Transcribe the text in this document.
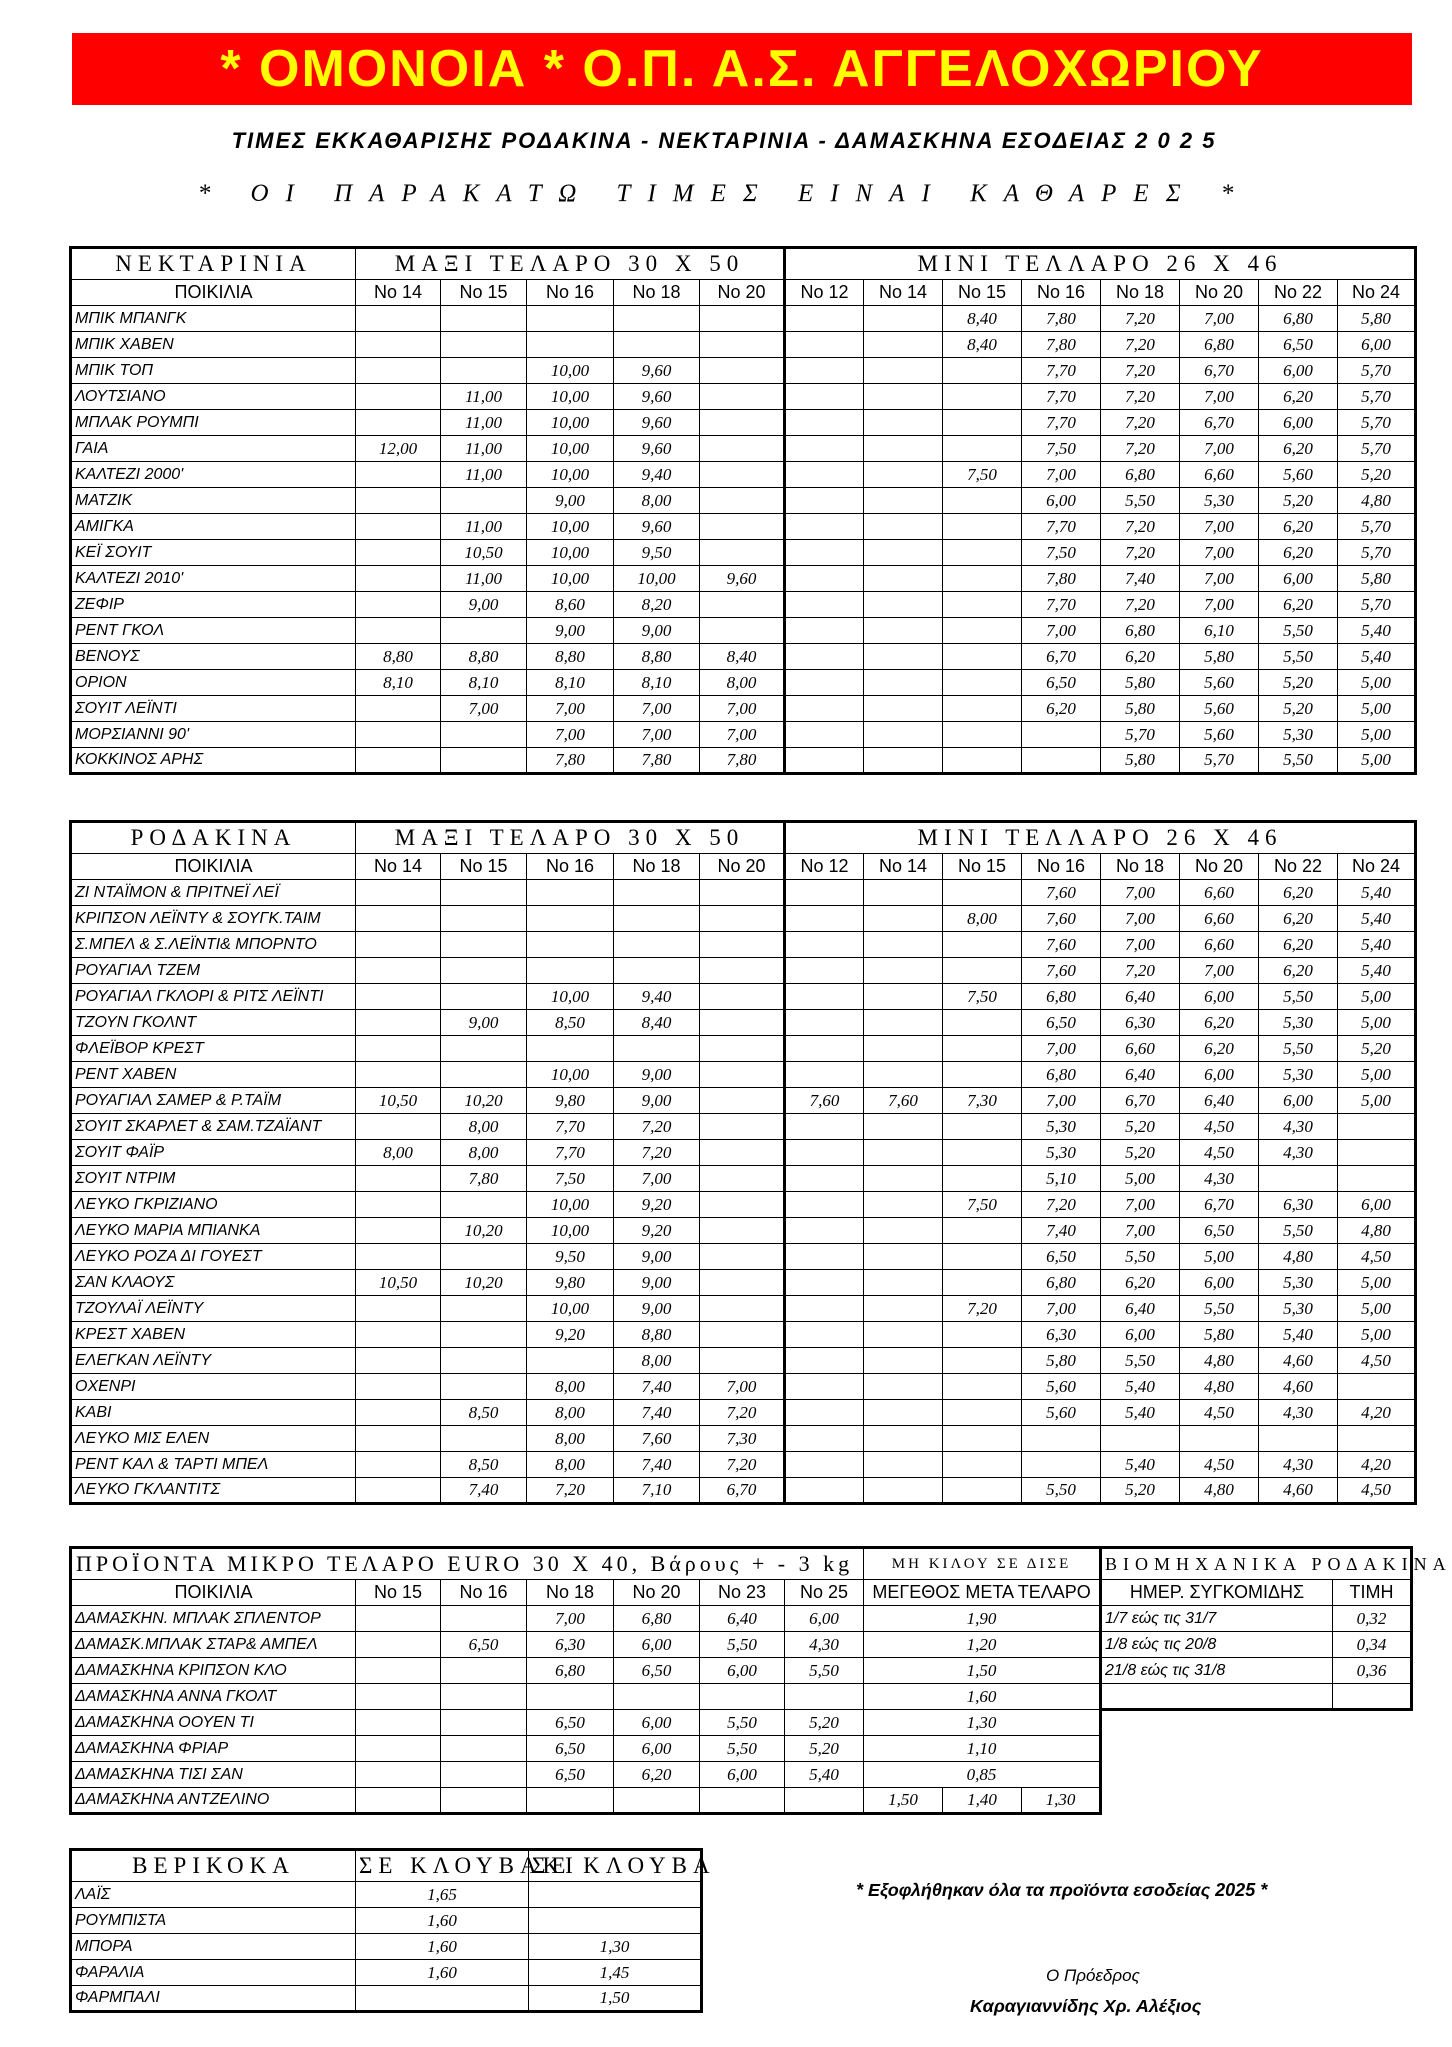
* ΟΜΟΝΟΙΑ * Ο.Π. Α.Σ. ΑΓΓΕΛΟΧΩΡΙΟΥ
ΤΙΜΕΣ ΕΚΚΑΘΑΡΙΣΗΣ ΡΟΔΑΚΙΝΑ - ΝΕΚΤΑΡΙΝΙΑ - ΔΑΜΑΣΚΗΝΑ ΕΣΟΔΕΙΑΣ 2 0 2 5
* ΟΙ ΠΑΡΑΚΑΤΩ ΤΙΜΕΣ ΕΙΝΑΙ ΚΑΘΑΡΕΣ *
ΝΕΚΤΑΡΙΝΙΑ	ΜΑΞΙ ΤΕΛΑΡΟ 30 Χ 50					ΜΙΝΙ ΤΕΛΛΑΡΟ 26 Χ 46							
ΠΟΙΚΙΛΙΑ	No 14	No 15	No 16	No 18	No 20	No 12	No 14	No 15	No 16	No 18	No 20	No 22	No 24
ΜΠΙΚ ΜΠΑΝΓΚ								8,40	7,80	7,20	7,00	6,80	5,80
ΜΠΙΚ ΧΑΒΕΝ								8,40	7,80	7,20	6,80	6,50	6,00
ΜΠΙΚ ΤΟΠ			10,00	9,60					7,70	7,20	6,70	6,00	5,70
ΛΟΥΤΣΙΑΝΟ		11,00	10,00	9,60					7,70	7,20	7,00	6,20	5,70
ΜΠΛΑΚ ΡΟΥΜΠΙ		11,00	10,00	9,60					7,70	7,20	6,70	6,00	5,70
ΓΑΙΑ	12,00	11,00	10,00	9,60					7,50	7,20	7,00	6,20	5,70
ΚΑΛΤΕΖΙ 2000'		11,00	10,00	9,40				7,50	7,00	6,80	6,60	5,60	5,20
ΜΑΤΖΙΚ			9,00	8,00					6,00	5,50	5,30	5,20	4,80
ΑΜΙΓΚΑ		11,00	10,00	9,60					7,70	7,20	7,00	6,20	5,70
ΚΕΪ ΣΟΥΙΤ		10,50	10,00	9,50					7,50	7,20	7,00	6,20	5,70
ΚΑΛΤΕΖΙ 2010'		11,00	10,00	10,00	9,60				7,80	7,40	7,00	6,00	5,80
ΖΕΦΙΡ		9,00	8,60	8,20					7,70	7,20	7,00	6,20	5,70
ΡΕΝΤ ΓΚΟΛ			9,00	9,00					7,00	6,80	6,10	5,50	5,40
ΒΕΝΟΥΣ	8,80	8,80	8,80	8,80	8,40				6,70	6,20	5,80	5,50	5,40
ΟΡΙΟΝ	8,10	8,10	8,10	8,10	8,00				6,50	5,80	5,60	5,20	5,00
ΣΟΥΙΤ ΛΕΪΝΤΙ		7,00	7,00	7,00	7,00				6,20	5,80	5,60	5,20	5,00
ΜΟΡΣΙΑΝΝΙ 90'			7,00	7,00	7,00					5,70	5,60	5,30	5,00
ΚΟΚΚΙΝΟΣ ΑΡΗΣ			7,80	7,80	7,80					5,80	5,70	5,50	5,00
ΡΟΔΑΚΙΝΑ	ΜΑΞΙ ΤΕΛΑΡΟ 30 Χ 50					ΜΙΝΙ ΤΕΛΛΑΡΟ 26 Χ 46							
ΠΟΙΚΙΛΙΑ	No 14	No 15	No 16	No 18	No 20	No 12	No 14	No 15	No 16	No 18	No 20	No 22	No 24
ΖΙ ΝΤΑΪΜΟΝ & ΠΡΙΤΝΕΪ ΛΕΪ									7,60	7,00	6,60	6,20	5,40
ΚΡΙΠΣΟΝ ΛΕΪΝΤΥ & ΣΟΥΓΚ.ΤΑΙΜ								8,00	7,60	7,00	6,60	6,20	5,40
Σ.ΜΠΕΛ & Σ.ΛΕΪΝΤΙ& ΜΠΟΡΝΤΟ									7,60	7,00	6,60	6,20	5,40
ΡΟΥΑΓΙΑΛ ΤΖΕΜ									7,60	7,20	7,00	6,20	5,40
ΡΟΥΑΓΙΑΛ ΓΚΛΟΡΙ & ΡΙΤΣ ΛΕΪΝΤΙ			10,00	9,40				7,50	6,80	6,40	6,00	5,50	5,00
ΤΖΟΥΝ ΓΚΟΛΝΤ		9,00	8,50	8,40					6,50	6,30	6,20	5,30	5,00
ΦΛΕΪΒΟΡ ΚΡΕΣΤ									7,00	6,60	6,20	5,50	5,20
ΡΕΝΤ ΧΑΒΕΝ			10,00	9,00					6,80	6,40	6,00	5,30	5,00
ΡΟΥΑΓΙΑΛ ΣΑΜΕΡ & Ρ.ΤΑΪΜ	10,50	10,20	9,80	9,00		7,60	7,60	7,30	7,00	6,70	6,40	6,00	5,00
ΣΟΥΙΤ ΣΚΑΡΛΕΤ & ΣΑΜ.ΤΖΑΪΑΝΤ		8,00	7,70	7,20					5,30	5,20	4,50	4,30	
ΣΟΥΙΤ ΦΑΪΡ	8,00	8,00	7,70	7,20					5,30	5,20	4,50	4,30	
ΣΟΥΙΤ ΝΤΡΙΜ		7,80	7,50	7,00					5,10	5,00	4,30		
ΛΕΥΚΟ ΓΚΡΙΖΙΑΝΟ			10,00	9,20				7,50	7,20	7,00	6,70	6,30	6,00
ΛΕΥΚΟ ΜΑΡΙΑ ΜΠΙΑΝΚΑ		10,20	10,00	9,20					7,40	7,00	6,50	5,50	4,80
ΛΕΥΚΟ ΡΟΖΑ ΔΙ ΓΟΥΕΣΤ			9,50	9,00					6,50	5,50	5,00	4,80	4,50
ΣΑΝ ΚΛΑΟΥΣ	10,50	10,20	9,80	9,00					6,80	6,20	6,00	5,30	5,00
ΤΖΟΥΛΑΪ ΛΕΪΝΤΥ			10,00	9,00				7,20	7,00	6,40	5,50	5,30	5,00
ΚΡΕΣΤ ΧΑΒΕΝ			9,20	8,80					6,30	6,00	5,80	5,40	5,00
ΕΛΕΓΚΑΝ ΛΕΪΝΤΥ				8,00					5,80	5,50	4,80	4,60	4,50
ΟΧΕΝΡΙ			8,00	7,40	7,00				5,60	5,40	4,80	4,60	
ΚΑΒΙ		8,50	8,00	7,40	7,20				5,60	5,40	4,50	4,30	4,20
ΛΕΥΚΟ ΜΙΣ ΕΛΕΝ			8,00	7,60	7,30								
ΡΕΝΤ ΚΑΛ & ΤΑΡΤΙ ΜΠΕΛ		8,50	8,00	7,40	7,20					5,40	4,50	4,30	4,20
ΛΕΥΚΟ ΓΚΛΑΝΤΙΤΣ		7,40	7,20	7,10	6,70				5,50	5,20	4,80	4,60	4,50
ΠΡΟΪΟΝΤΑ ΜΙΚΡΟ ΤΕΛΑΡΟ EURO 30 Χ 40, Βάρους + - 3 kg							ΜΗ ΚΙΛΟΥ ΣΕ ΔΙΣΕ		
ΠΟΙΚΙΛΙΑ	No 15	No 16	No 18	No 20	No 23	No 25	ΜΕΓΕΘΟΣ ΜΕΤΑ ΤΕΛΑΡΟ		
ΔΑΜΑΣΚΗΝ. ΜΠΛΑΚ ΣΠΛΕΝΤΟΡ			7,00	6,80	6,40	6,00	1,90		
ΔΑΜΑΣΚ.ΜΠΛΑΚ ΣΤΑΡ& ΑΜΠΕΛ		6,50	6,30	6,00	5,50	4,30	1,20		
ΔΑΜΑΣΚΗΝΑ ΚΡΙΠΣΟΝ ΚΛΟ			6,80	6,50	6,00	5,50	1,50		
ΔΑΜΑΣΚΗΝΑ ΑΝΝΑ ΓΚΟΛΤ							1,60		
ΔΑΜΑΣΚΗΝΑ ΟΟΥΕΝ ΤΙ			6,50	6,00	5,50	5,20	1,30		
ΔΑΜΑΣΚΗΝΑ ΦΡΙΑΡ			6,50	6,00	5,50	5,20	1,10		
ΔΑΜΑΣΚΗΝΑ ΤΙΣΙ ΣΑΝ			6,50	6,20	6,00	5,40	0,85		
ΔΑΜΑΣΚΗΝΑ ΑΝΤΖΕΛΙΝΟ							1,50	1,40	1,30
ΒΙΟΜΗΧΑΝΙΚΑ ΡΟΔΑΚΙΝΑ	
ΗΜΕΡ. ΣΥΓΚΟΜΙΔΗΣ	ΤΙΜΗ
1/7 εώς τις 31/7	0,32
1/8 εώς τις 20/8	0,34
21/8 εώς τις 31/8	0,36

ΒΕΡΙΚΟΚΑ	ΣΕ ΚΛΟΥΒΑΚΙ	ΣΕ ΚΛΟΥΒΑ
ΛΑΪΣ	1,65	
ΡΟΥΜΠΙΣΤΑ	1,60	
ΜΠΟΡΑ	1,60	1,30
ΦΑΡΑΛΙΑ	1,60	1,45
ΦΑΡΜΠΑΛΙ		1,50
* Εξοφλήθηκαν όλα τα προϊόντα εσοδείας 2025 *
Ο Πρόεδρος
Καραγιαννίδης Χρ. Αλέξιος
